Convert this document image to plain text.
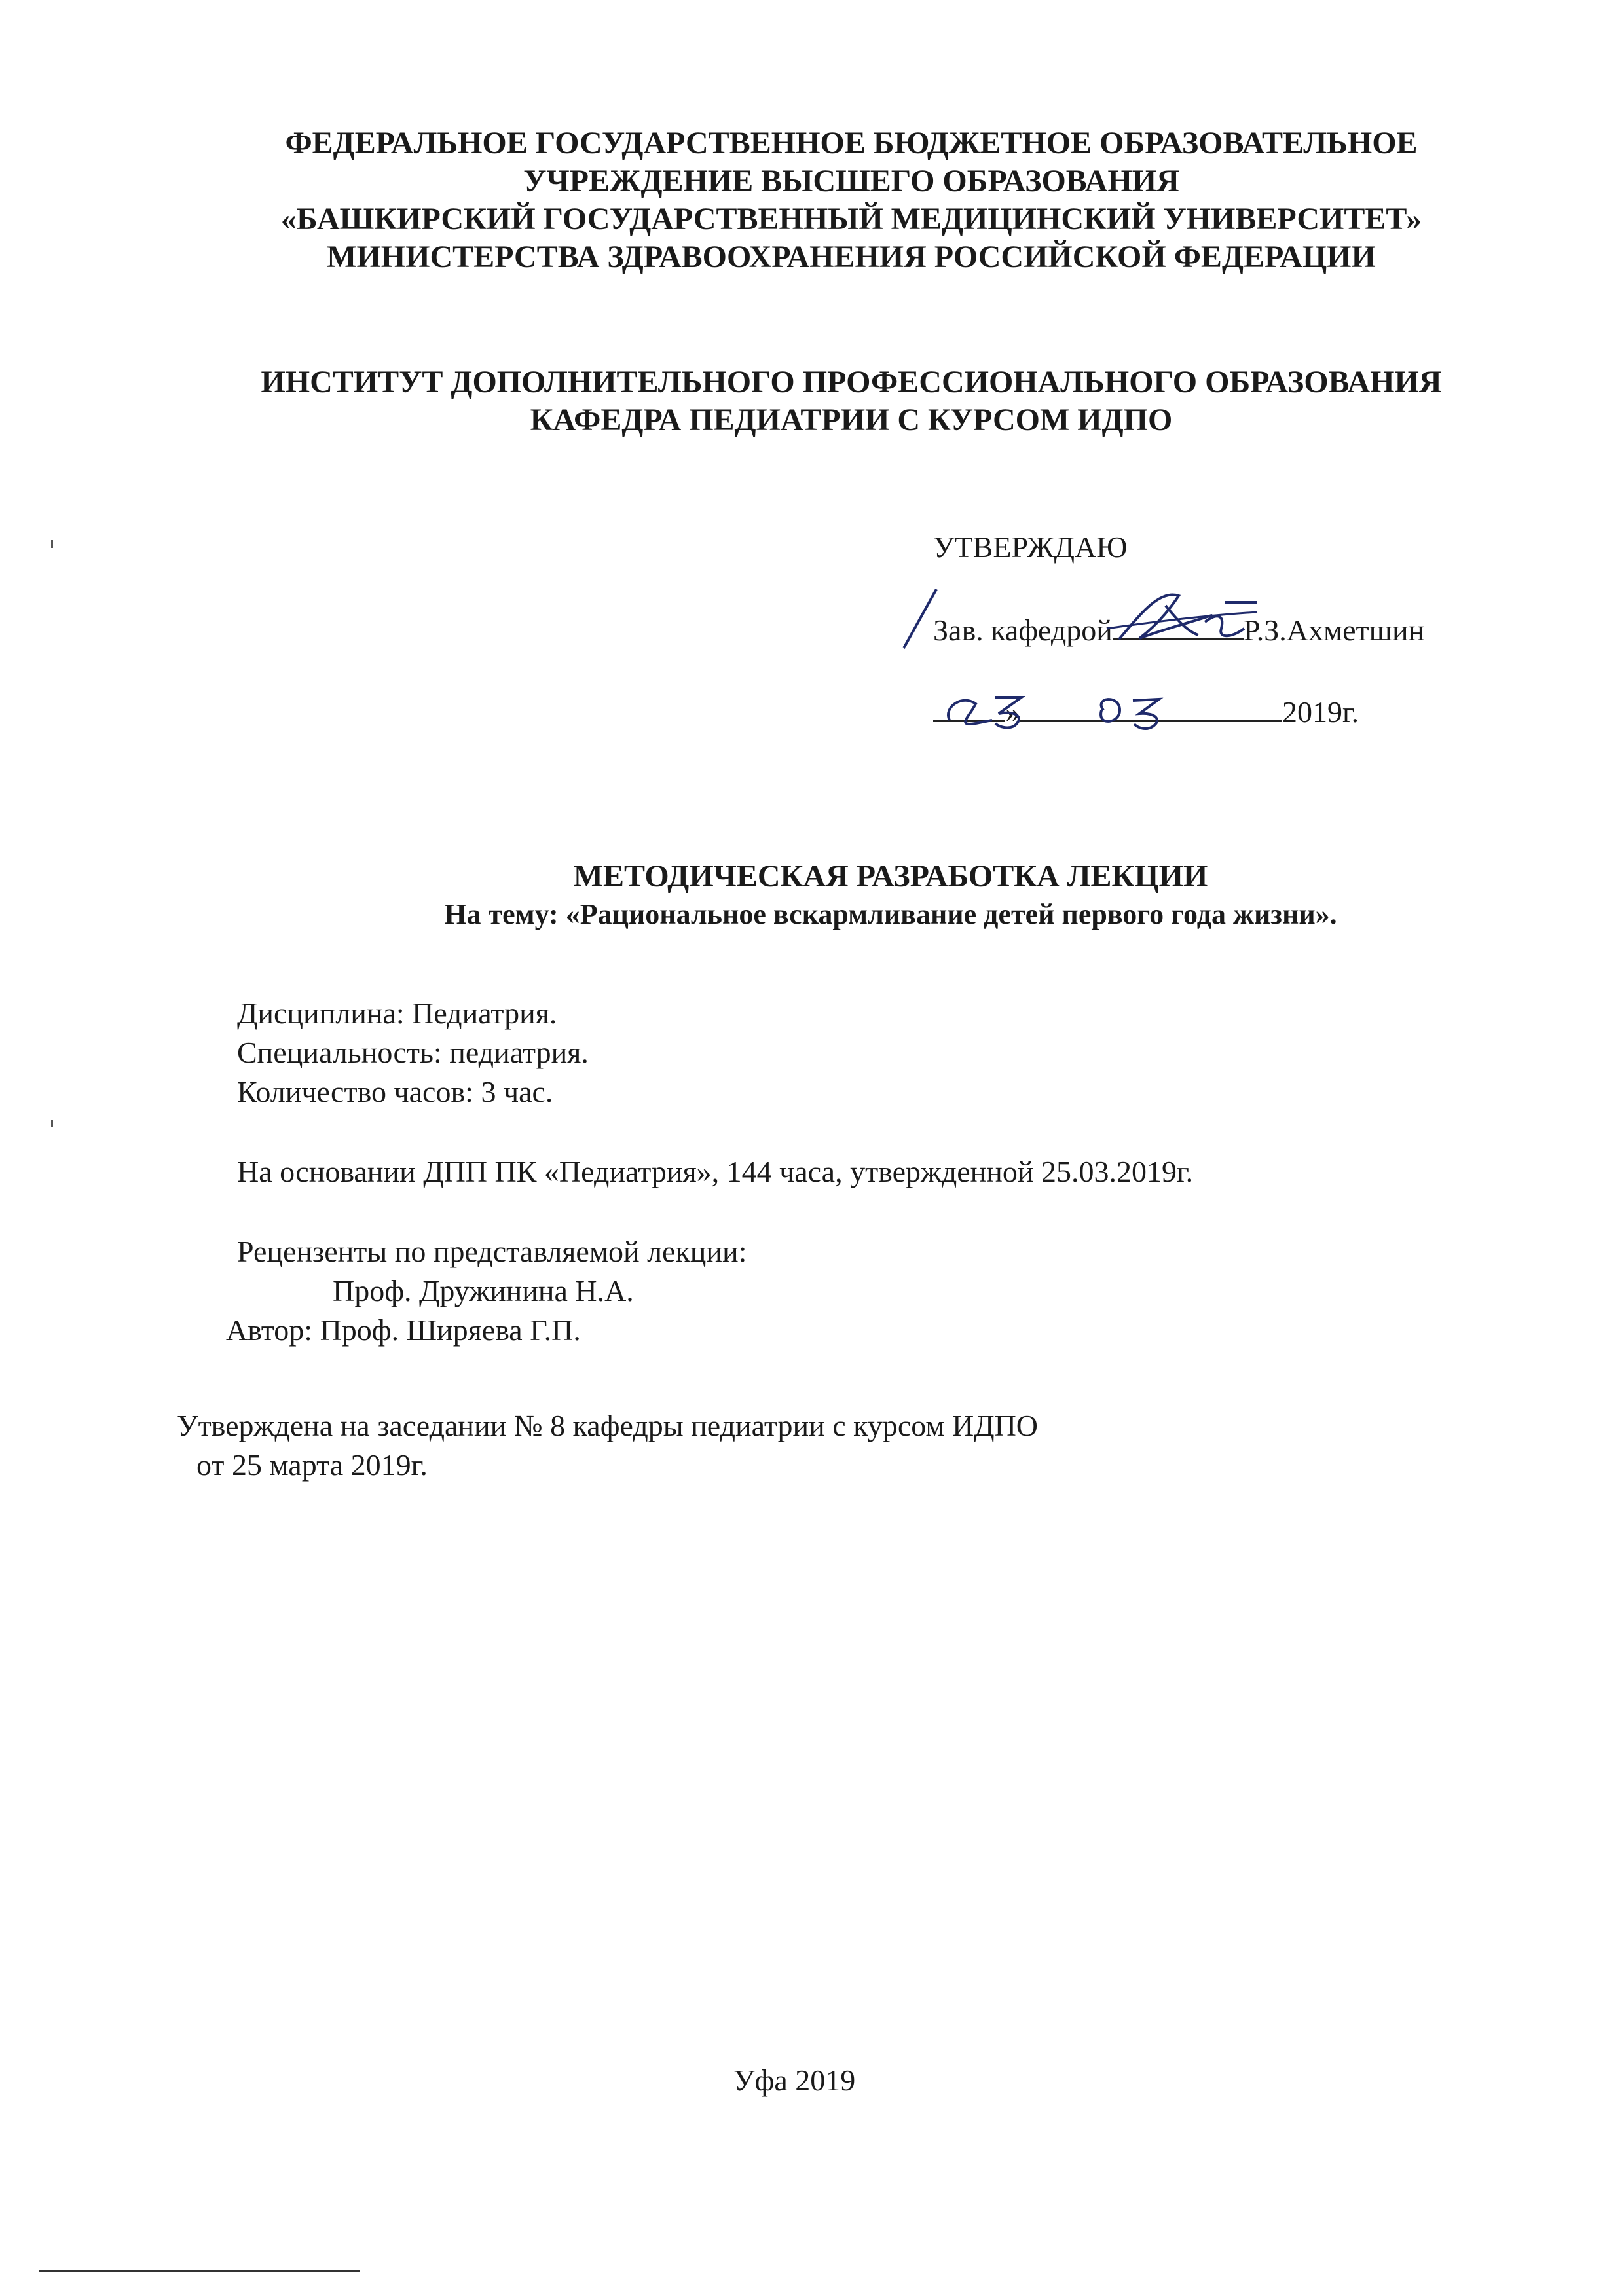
ФЕДЕРАЛЬНОЕ ГОСУДАРСТВЕННОЕ БЮДЖЕТНОЕ ОБРАЗОВАТЕЛЬНОЕ
УЧРЕЖДЕНИЕ ВЫСШЕГО ОБРАЗОВАНИЯ
«БАШКИРСКИЙ ГОСУДАРСТВЕННЫЙ МЕДИЦИНСКИЙ УНИВЕРСИТЕТ»
МИНИСТЕРСТВА ЗДРАВООХРАНЕНИЯ РОССИЙСКОЙ ФЕДЕРАЦИИ
ИНСТИТУТ ДОПОЛНИТЕЛЬНОГО ПРОФЕССИОНАЛЬНОГО ОБРАЗОВАНИЯ
КАФЕДРА ПЕДИАТРИИ С КУРСОМ ИДПО
УТВЕРЖДАЮ
Зав. кафедрой	Р.З.Ахметшин
»	2019г.
МЕТОДИЧЕСКАЯ РАЗРАБОТКА ЛЕКЦИИ
На тему: «Рациональное вскармливание детей первого года жизни».
Дисциплина: Педиатрия.
Специальность: педиатрия.
Количество часов: 3 час.
На основании ДПП ПК «Педиатрия», 144 часа, утвержденной 25.03.2019г.
Рецензенты по представляемой лекции:
Проф. Дружинина Н.А.
Автор: Проф. Ширяева Г.П.
Утверждена на заседании № 8 кафедры педиатрии с курсом ИДПО
от 25 марта 2019г.
Уфа 2019
